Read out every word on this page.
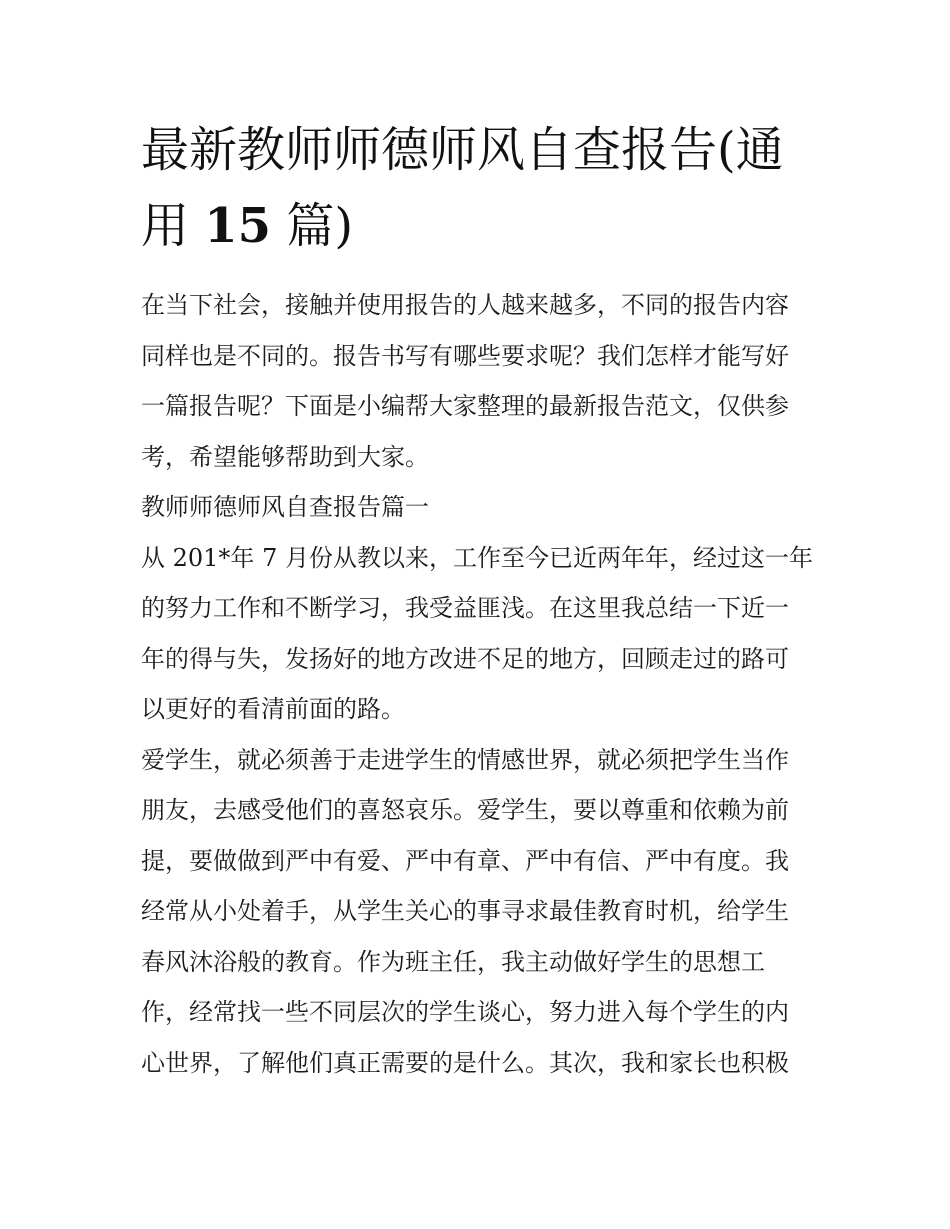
最新教师师德师风自查报告(通
用 15 篇)
在当下社会，接触并使用报告的人越来越多，不同的报告内容
同样也是不同的。报告书写有哪些要求呢？我们怎样才能写好
一篇报告呢？下面是小编帮大家整理的最新报告范文，仅供参
考，希望能够帮助到大家。
教师师德师风自查报告篇一
从 201*年 7 月份从教以来，工作至今已近两年年，经过这一年
的努力工作和不断学习，我受益匪浅。在这里我总结一下近一
年的得与失，发扬好的地方改进不足的地方，回顾走过的路可
以更好的看清前面的路。
爱学生，就必须善于走进学生的情感世界，就必须把学生当作
朋友，去感受他们的喜怒哀乐。爱学生，要以尊重和依赖为前
提，要做做到严中有爱、严中有章、严中有信、严中有度。我
经常从小处着手，从学生关心的事寻求最佳教育时机，给学生
春风沐浴般的教育。作为班主任，我主动做好学生的思想工
作，经常找一些不同层次的学生谈心，努力进入每个学生的内
心世界，了解他们真正需要的是什么。其次，我和家长也积极
